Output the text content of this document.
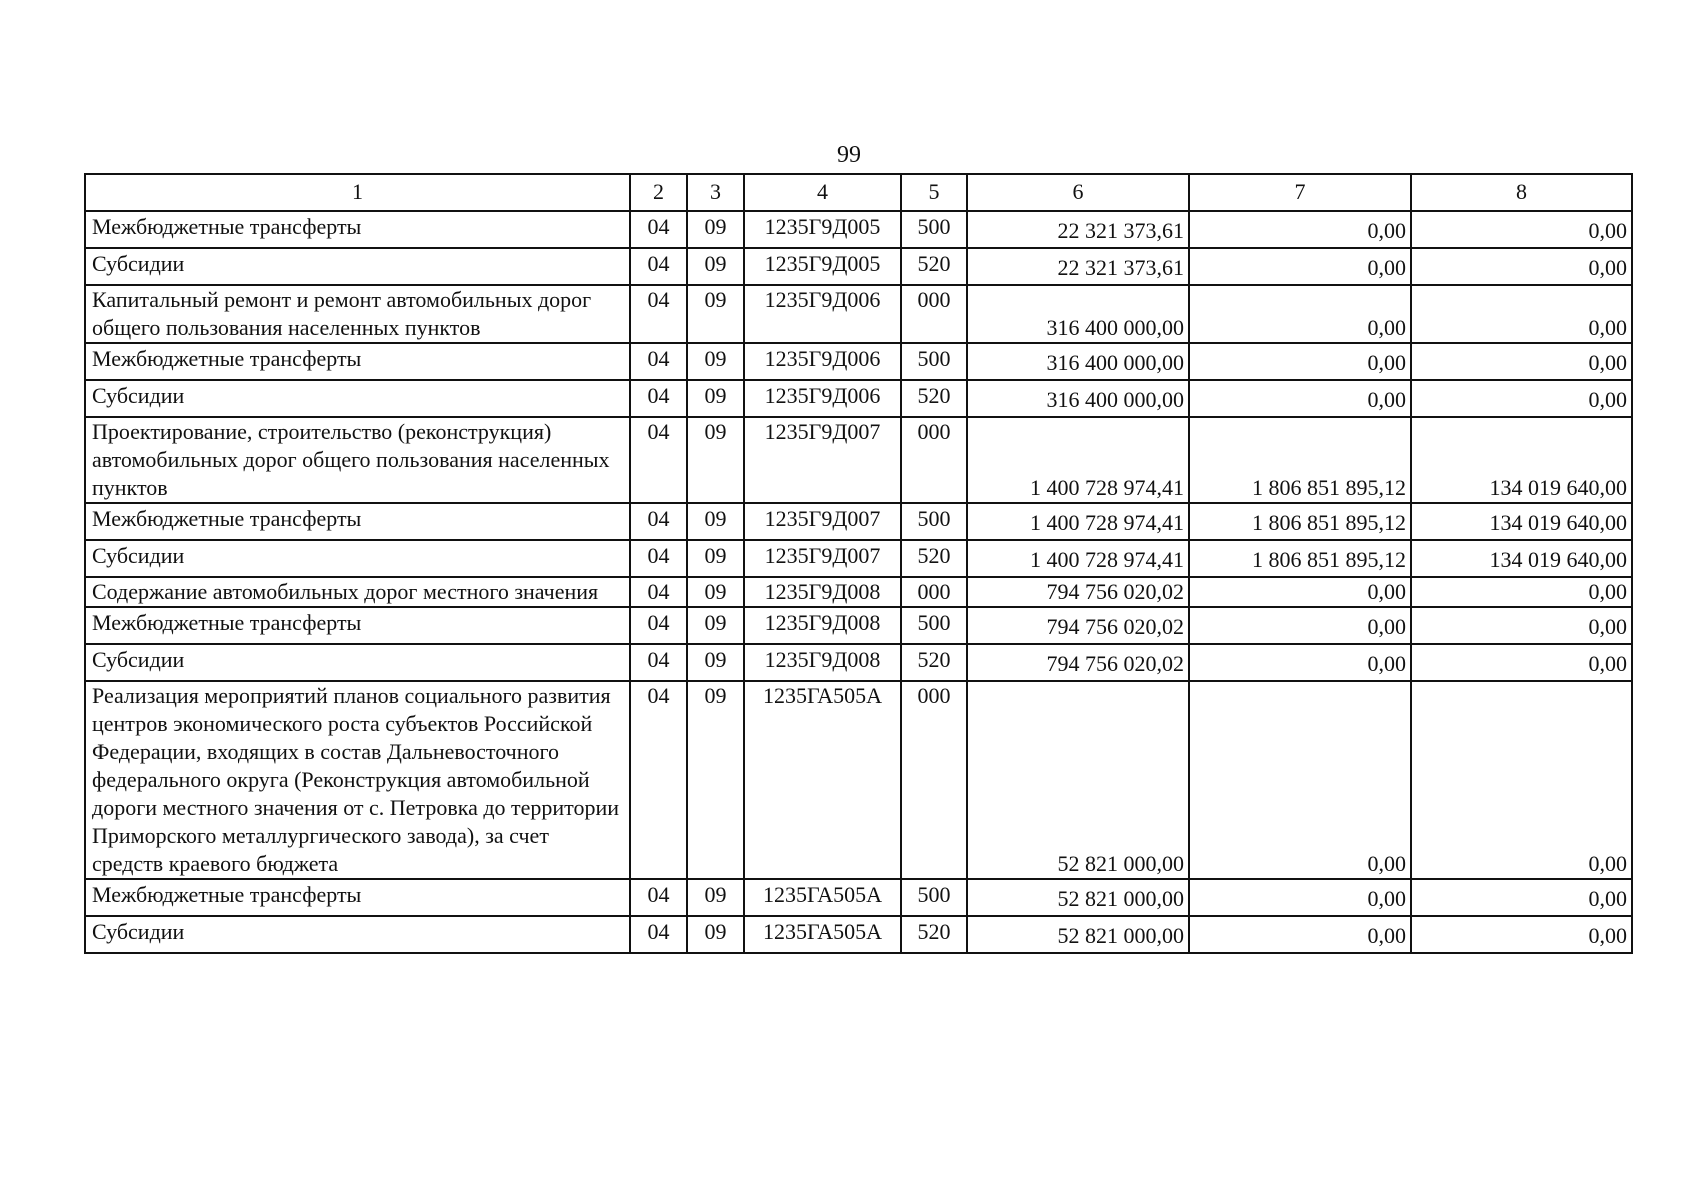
99
1	2	3	4	5	6	7	8
Межбюджетные трансферты	04	09	1235Г9Д005	500	22 321 373,61	0,00	0,00
Субсидии	04	09	1235Г9Д005	520	22 321 373,61	0,00	0,00
Капитальный ремонт и ремонт автомобильных дорог общего пользования населенных пунктов	04	09	1235Г9Д006	000	316 400 000,00	0,00	0,00
Межбюджетные трансферты	04	09	1235Г9Д006	500	316 400 000,00	0,00	0,00
Субсидии	04	09	1235Г9Д006	520	316 400 000,00	0,00	0,00
Проектирование, строительство (реконструкция) автомобильных дорог общего пользования населенных пунктов	04	09	1235Г9Д007	000	1 400 728 974,41	1 806 851 895,12	134 019 640,00
Межбюджетные трансферты	04	09	1235Г9Д007	500	1 400 728 974,41	1 806 851 895,12	134 019 640,00
Субсидии	04	09	1235Г9Д007	520	1 400 728 974,41	1 806 851 895,12	134 019 640,00
Содержание автомобильных дорог местного значения	04	09	1235Г9Д008	000	794 756 020,02	0,00	0,00
Межбюджетные трансферты	04	09	1235Г9Д008	500	794 756 020,02	0,00	0,00
Субсидии	04	09	1235Г9Д008	520	794 756 020,02	0,00	0,00
Реализация мероприятий планов социального развития центров экономического роста субъектов Российской Федерации, входящих в состав Дальневосточного федерального округа (Реконструкция автомобильной дороги местного значения от с. Петровка до территории Приморского металлургического завода), за счет средств краевого бюджета	04	09	1235ГА505А	000	52 821 000,00	0,00	0,00
Межбюджетные трансферты	04	09	1235ГА505А	500	52 821 000,00	0,00	0,00
Субсидии	04	09	1235ГА505А	520	52 821 000,00	0,00	0,00
